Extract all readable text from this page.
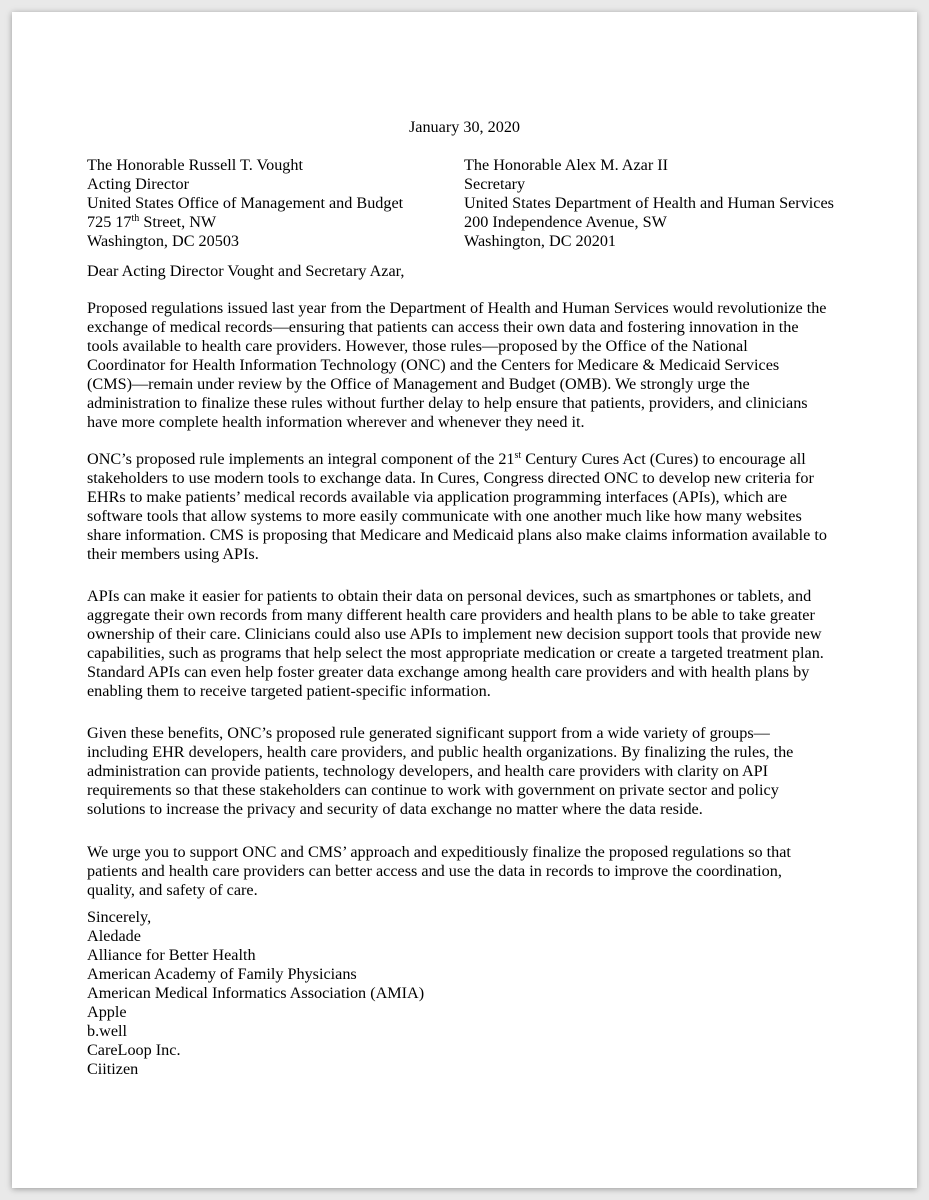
January 30, 2020
The Honorable Russell T. Vought
Acting Director
United States Office of Management and Budget
725 17th Street, NW
Washington, DC 20503
The Honorable Alex M. Azar II
Secretary
United States Department of Health and Human Services
200 Independence Avenue, SW
Washington, DC 20201
Dear Acting Director Vought and Secretary Azar,
Proposed regulations issued last year from the Department of Health and Human Services would revolutionize the
exchange of medical records—ensuring that patients can access their own data and fostering innovation in the
tools available to health care providers. However, those rules—proposed by the Office of the National
Coordinator for Health Information Technology (ONC) and the Centers for Medicare & Medicaid Services
(CMS)—remain under review by the Office of Management and Budget (OMB). We strongly urge the
administration to finalize these rules without further delay to help ensure that patients, providers, and clinicians
have more complete health information wherever and whenever they need it.
ONC’s proposed rule implements an integral component of the 21st Century Cures Act (Cures) to encourage all
stakeholders to use modern tools to exchange data. In Cures, Congress directed ONC to develop new criteria for
EHRs to make patients’ medical records available via application programming interfaces (APIs), which are
software tools that allow systems to more easily communicate with one another much like how many websites
share information. CMS is proposing that Medicare and Medicaid plans also make claims information available to
their members using APIs.
APIs can make it easier for patients to obtain their data on personal devices, such as smartphones or tablets, and
aggregate their own records from many different health care providers and health plans to be able to take greater
ownership of their care. Clinicians could also use APIs to implement new decision support tools that provide new
capabilities, such as programs that help select the most appropriate medication or create a targeted treatment plan.
Standard APIs can even help foster greater data exchange among health care providers and with health plans by
enabling them to receive targeted patient-specific information.
Given these benefits, ONC’s proposed rule generated significant support from a wide variety of groups—
including EHR developers, health care providers, and public health organizations. By finalizing the rules, the
administration can provide patients, technology developers, and health care providers with clarity on API
requirements so that these stakeholders can continue to work with government on private sector and policy
solutions to increase the privacy and security of data exchange no matter where the data reside.
We urge you to support ONC and CMS’ approach and expeditiously finalize the proposed regulations so that
patients and health care providers can better access and use the data in records to improve the coordination,
quality, and safety of care.
Sincerely,
Aledade
Alliance for Better Health
American Academy of Family Physicians
American Medical Informatics Association (AMIA)
Apple
b.well
CareLoop Inc.
Ciitizen
